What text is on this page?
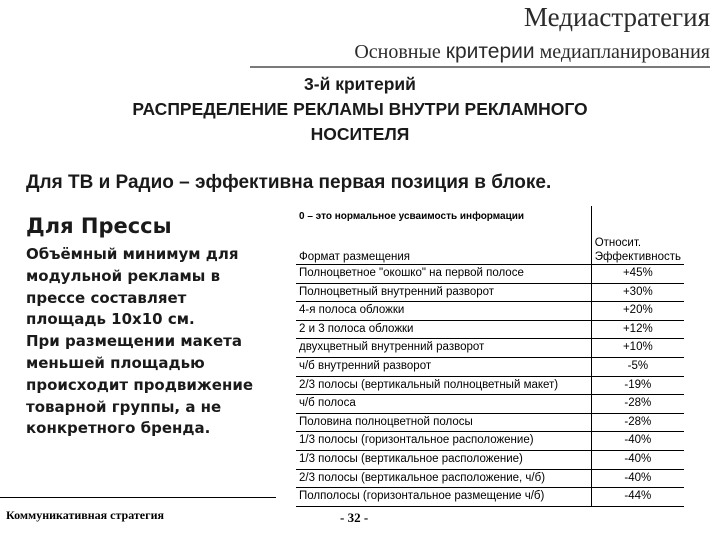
Медиастратегия
Основные критерии медиапланирования
3-й критерий
РАСПРЕДЕЛЕНИЕ РЕКЛАМЫ ВНУТРИ РЕКЛАМНОГО
НОСИТЕЛЯ
Для ТВ и Радио – эффективна первая позиция в блоке.
Для Прессы
Объёмный минимум для
модульной рекламы в
прессе составляет
площадь 10х10 см.
При размещении макета
меньшей площадью
происходит продвижение
товарной группы, а не
конкретного бренда.
0 – это нормальное усваимость информации	
Формат размещения	Относит.
Эффективность
Полноцветное "окошко" на первой полосе	+45%
Полноцветный внутренний разворот	+30%
4-я полоса обложки	+20%
2 и 3 полоса обложки	+12%
двухцветный внутренний разворот	+10%
ч/б внутренний разворот	-5%
2/3 полосы (вертикальный полноцветный макет)	-19%
ч/б полоса	-28%
Половина полноцветной полосы	-28%
1/3 полосы (горизонтальное расположение)	-40%
1/3 полосы (вертикальное расположение)	-40%
2/3 полосы (вертикальное расположение, ч/б)	-40%
Полполосы (горизонтальное размещение ч/б)	-44%
Коммуникативная стратегия	- 32 -
